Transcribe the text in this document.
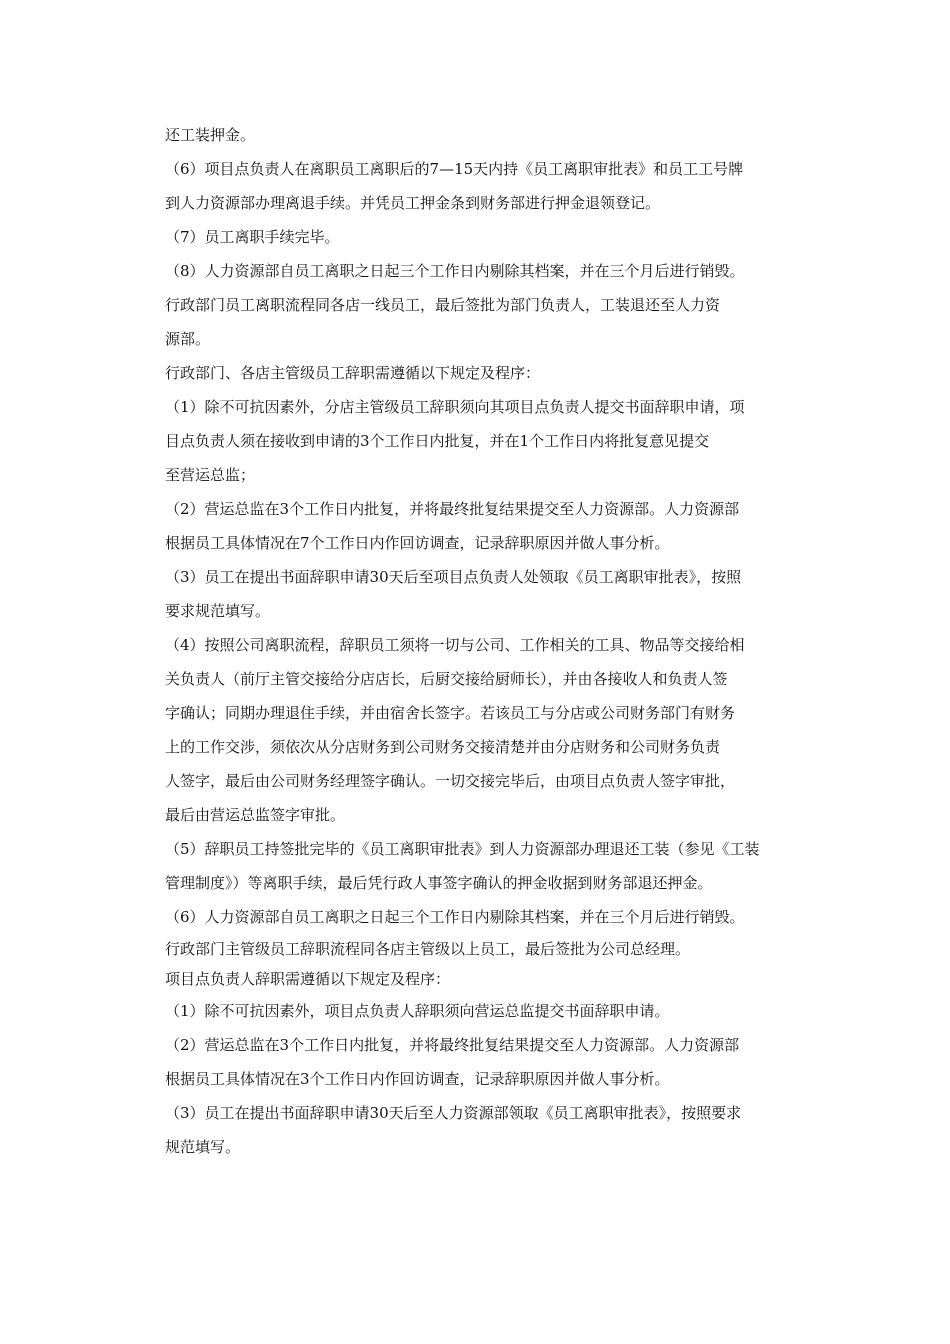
还工装押金。
（6）项目点负责人在离职员工离职后的7—15天内持《员工离职审批表》和员工工号牌
到人力资源部办理离退手续。并凭员工押金条到财务部进行押金退领登记。
（7）员工离职手续完毕。
（8）人力资源部自员工离职之日起三个工作日内剔除其档案，并在三个月后进行销毁。
行政部门员工离职流程同各店一线员工，最后签批为部门负责人，工装退还至人力资
源部。
行政部门、各店主管级员工辞职需遵循以下规定及程序：
（1）除不可抗因素外，分店主管级员工辞职须向其项目点负责人提交书面辞职申请，项
目点负责人须在接收到申请的3个工作日内批复，并在1个工作日内将批复意见提交
至营运总监；
（2）营运总监在3个工作日内批复，并将最终批复结果提交至人力资源部。人力资源部
根据员工具体情况在7个工作日内作回访调查，记录辞职原因并做人事分析。
（3）员工在提出书面辞职申请30天后至项目点负责人处领取《员工离职审批表》，按照
要求规范填写。
（4）按照公司离职流程，辞职员工须将一切与公司、工作相关的工具、物品等交接给相
关负责人（前厅主管交接给分店店长，后厨交接给厨师长），并由各接收人和负责人签
字确认；同期办理退住手续，并由宿舍长签字。若该员工与分店或公司财务部门有财务
上的工作交涉，须依次从分店财务到公司财务交接清楚并由分店财务和公司财务负责
人签字，最后由公司财务经理签字确认。一切交接完毕后，由项目点负责人签字审批，
最后由营运总监签字审批。
（5）辞职员工持签批完毕的《员工离职审批表》到人力资源部办理退还工装（参见《工装
管理制度》）等离职手续，最后凭行政人事签字确认的押金收据到财务部退还押金。
（6）人力资源部自员工离职之日起三个工作日内剔除其档案，并在三个月后进行销毁。
行政部门主管级员工辞职流程同各店主管级以上员工，最后签批为公司总经理。
项目点负责人辞职需遵循以下规定及程序：
（1）除不可抗因素外，项目点负责人辞职须向营运总监提交书面辞职申请。
（2）营运总监在3个工作日内批复，并将最终批复结果提交至人力资源部。人力资源部
根据员工具体情况在3个工作日内作回访调查，记录辞职原因并做人事分析。
（3）员工在提出书面辞职申请30天后至人力资源部领取《员工离职审批表》，按照要求
规范填写。
